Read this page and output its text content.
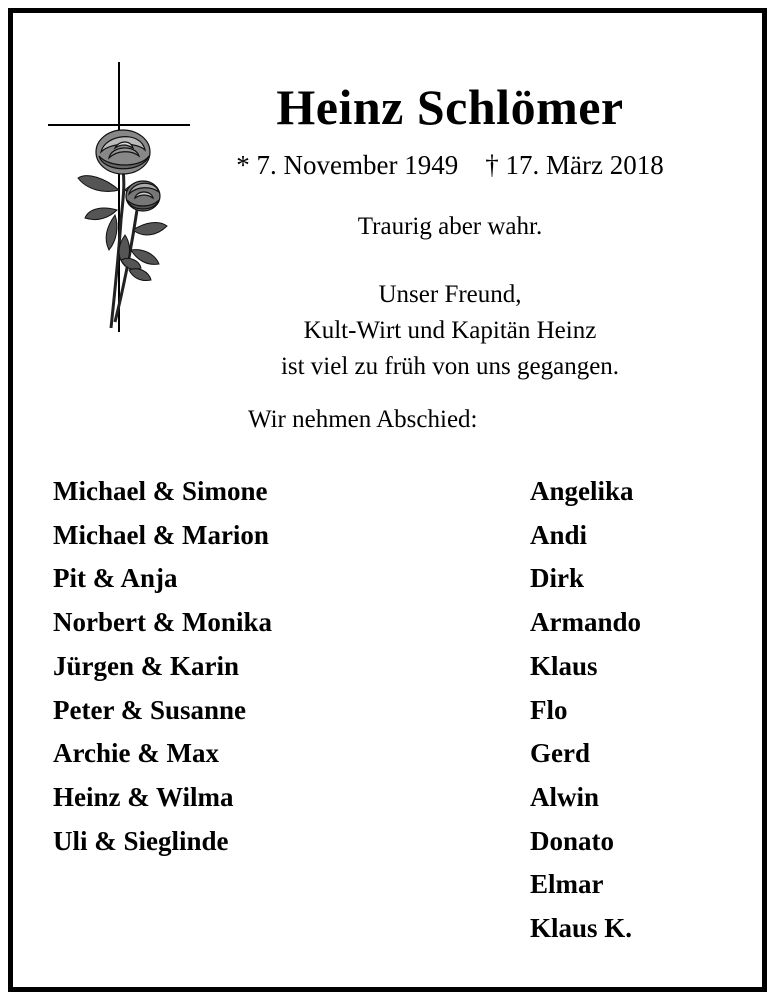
Heinz Schlömer
* 7. November 1949 † 17. März 2018
Traurig aber wahr.
Unser Freund,
Kult-Wirt und Kapitän Heinz
ist viel zu früh von uns gegangen.
Wir nehmen Abschied:
Michael & Simone
Michael & Marion
Pit & Anja
Norbert & Monika
Jürgen & Karin
Peter & Susanne
Archie & Max
Heinz & Wilma
Uli & Sieglinde
Angelika
Andi
Dirk
Armando
Klaus
Flo
Gerd
Alwin
Donato
Elmar
Klaus K.
